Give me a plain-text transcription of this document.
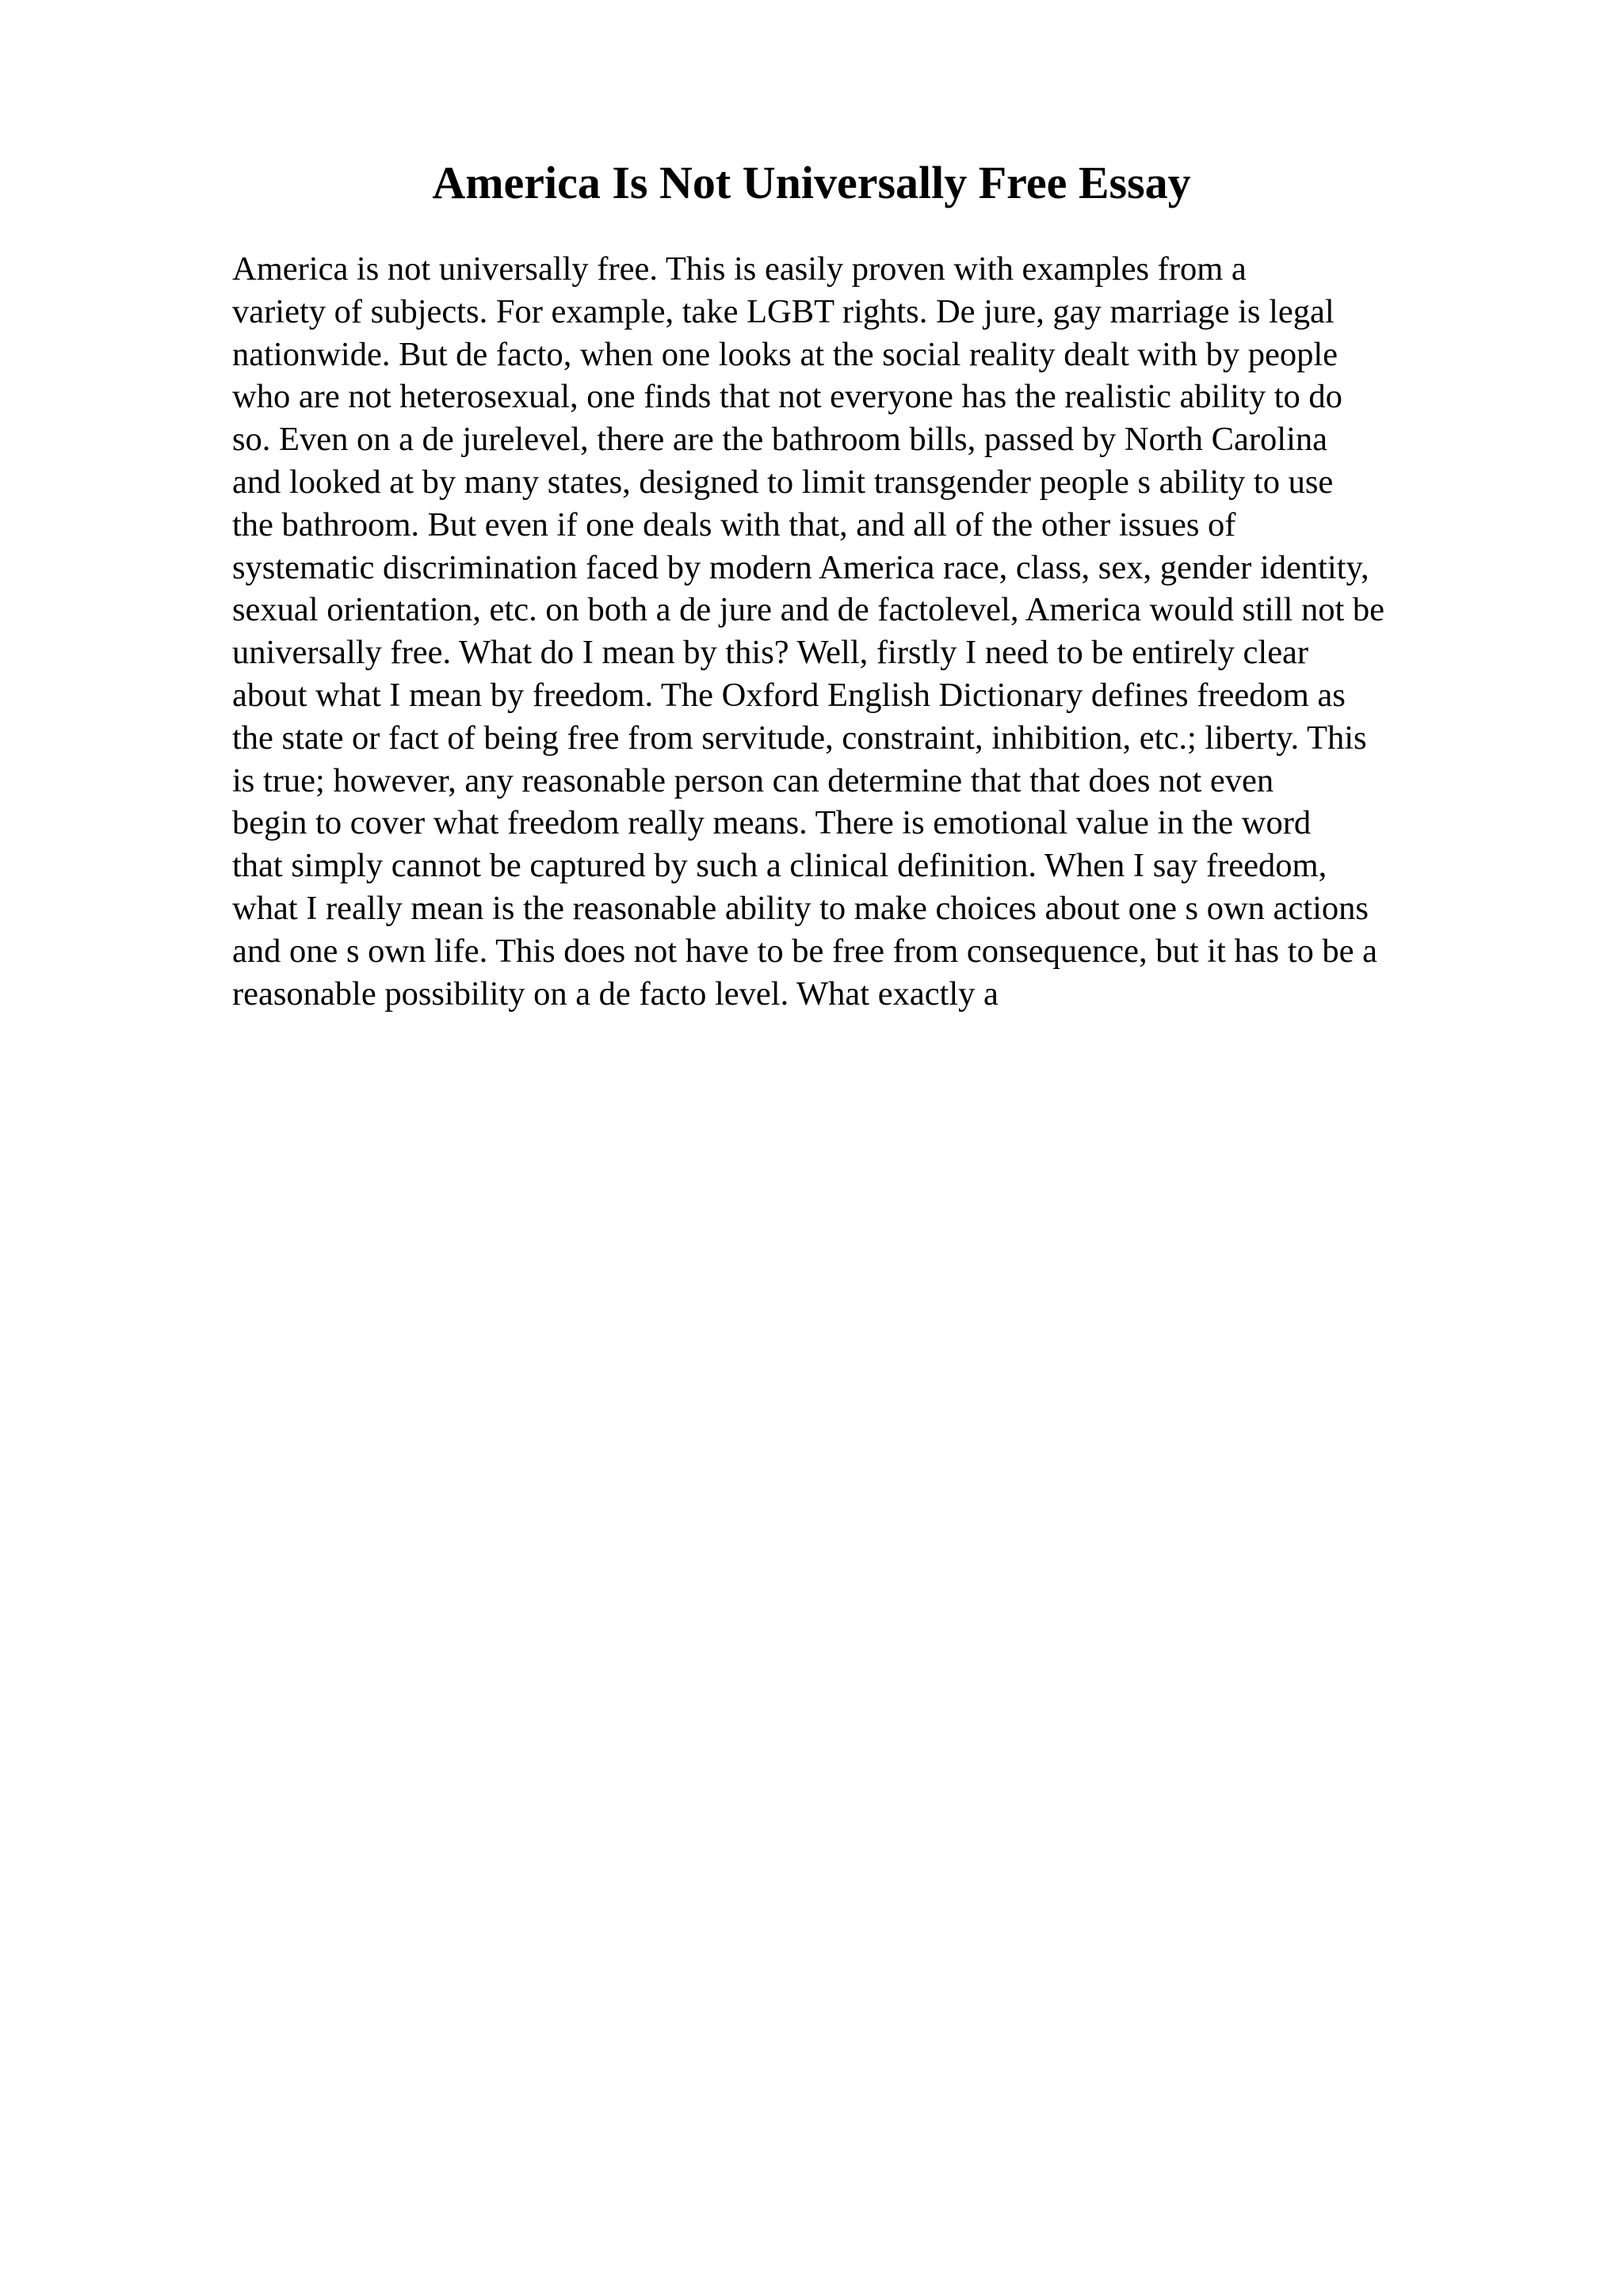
America Is Not Universally Free Essay
America is not universally free. This is easily proven with examples from a
variety of subjects. For example, take LGBT rights. De jure, gay marriage is legal
nationwide. But de facto, when one looks at the social reality dealt with by people
who are not heterosexual, one finds that not everyone has the realistic ability to do
so. Even on a de jurelevel, there are the bathroom bills, passed by North Carolina
and looked at by many states, designed to limit transgender people s ability to use
the bathroom. But even if one deals with that, and all of the other issues of
systematic discrimination faced by modern America race, class, sex, gender identity,
sexual orientation, etc. on both a de jure and de factolevel, America would still not be
universally free. What do I mean by this? Well, firstly I need to be entirely clear
about what I mean by freedom. The Oxford English Dictionary defines freedom as
the state or fact of being free from servitude, constraint, inhibition, etc.; liberty. This
is true; however, any reasonable person can determine that that does not even
begin to cover what freedom really means. There is emotional value in the word
that simply cannot be captured by such a clinical definition. When I say freedom,
what I really mean is the reasonable ability to make choices about one s own actions
and one s own life. This does not have to be free from consequence, but it has to be a
reasonable possibility on a de facto level. What exactly a
